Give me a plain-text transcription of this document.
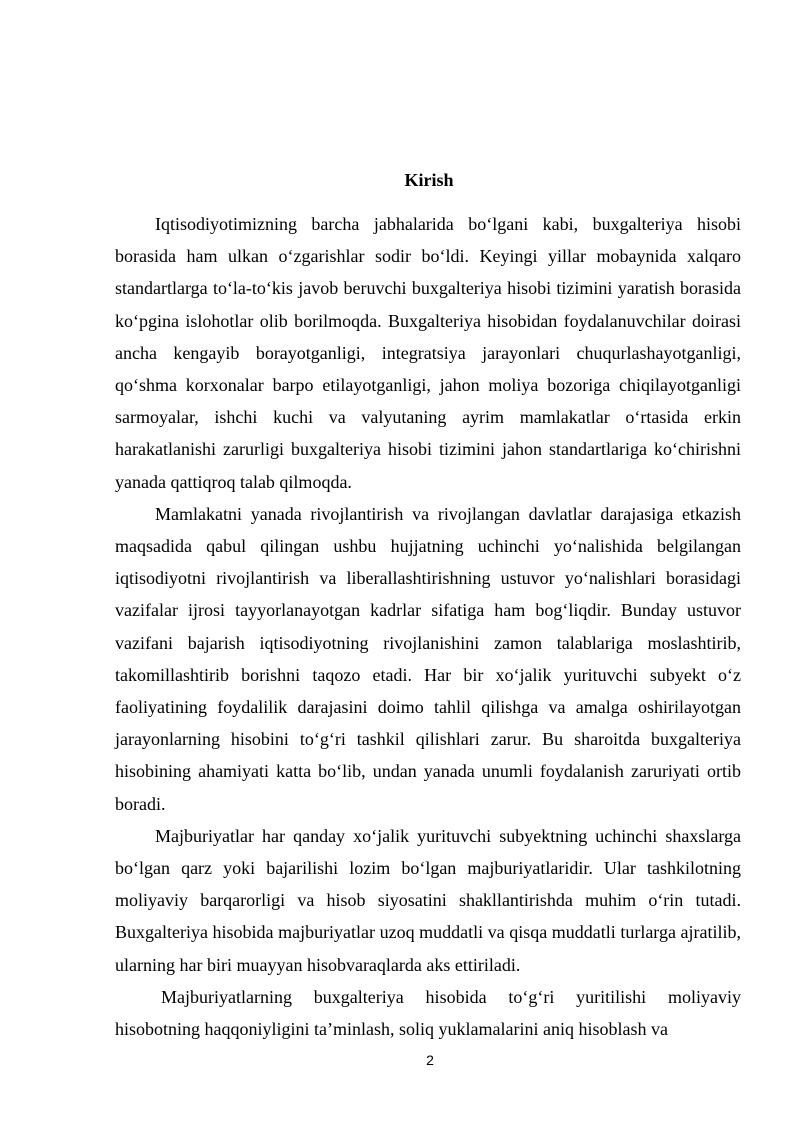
Kirish

Iqtisodiyotimizning barcha jabhalarida bo‘lgani kabi, buxgalteriya hisobi borasida ham ulkan o‘zgarishlar sodir bo‘ldi. Keyingi yillar mobaynida xalqaro standartlarga to‘la-to‘kis javob beruvchi buxgalteriya hisobi tizimini yaratish borasida ko‘pgina islohotlar olib borilmoqda. Buxgalteriya hisobidan foydalanuvchilar doirasi ancha kengayib borayotganligi, integratsiya jarayonlari chuqurlashayotganligi, qo‘shma korxonalar barpo etilayotganligi, jahon moliya bozoriga chiqilayotganligi sarmoyalar, ishchi kuchi va valyutaning ayrim mamlakatlar o‘rtasida erkin harakatlanishi zarurligi buxgalteriya hisobi tizimini jahon standartlariga ko‘chirishni yanada qattiqroq talab qilmoqda.

Mamlakatni yanada rivojlantirish va rivojlangan davlatlar darajasiga etkazish maqsadida qabul qilingan ushbu hujjatning uchinchi yo‘nalishida belgilangan iqtisodiyotni rivojlantirish va liberallashtirishning ustuvor yo‘nalishlari borasidagi vazifalar ijrosi tayyorlanayotgan kadrlar sifatiga ham bog‘liqdir. Bunday ustuvor vazifani bajarish iqtisodiyotning rivojlanishini zamon talablariga moslashtirib, takomillashtirib borishni taqozo etadi. Har bir xo‘jalik yurituvchi subyekt o‘z faoliyatining foydalilik darajasini doimo tahlil qilishga va amalga oshirilayotgan jarayonlarning hisobini to‘g‘ri tashkil qilishlari zarur. Bu sharoitda buxgalteriya hisobining ahamiyati katta bo‘lib, undan yanada unumli foydalanish zaruriyati ortib boradi.

Majburiyatlar har qanday xo‘jalik yurituvchi subyektning uchinchi shaxslarga bo‘lgan qarz yoki bajarilishi lozim bo‘lgan majburiyatlaridir. Ular tashkilotning moliyaviy barqarorligi va hisob siyosatini shakllantirishda muhim o‘rin tutadi. Buxgalteriya hisobida majburiyatlar uzoq muddatli va qisqa muddatli turlarga ajratilib, ularning har biri muayyan hisobvaraqlarda aks ettiriladi.

Majburiyatlarning buxgalteriya hisobida to‘g‘ri yuritilishi moliyaviy hisobotning haqqoniyligini ta’minlash, soliq yuklamalarini aniq hisoblash va

2
